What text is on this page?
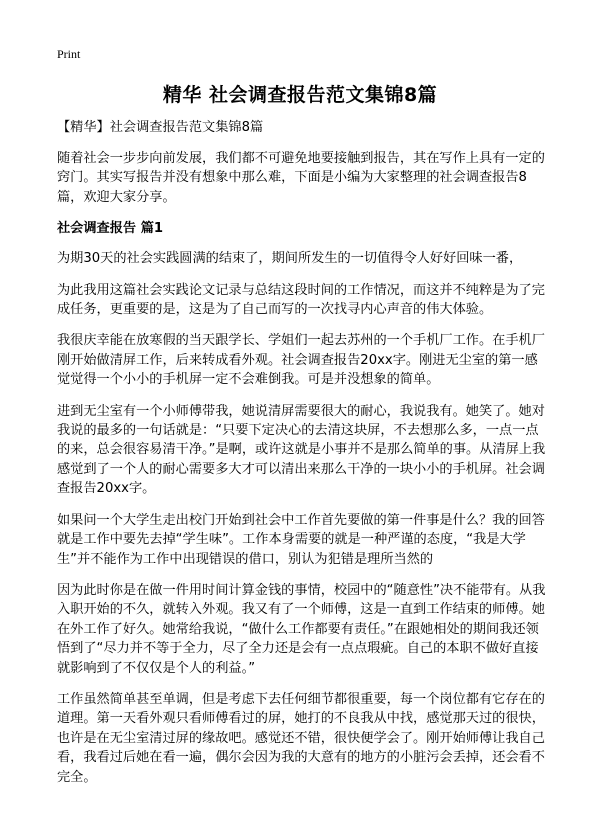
Print
精华 社会调查报告范文集锦8篇

【精华】社会调查报告范文集锦8篇

随着社会一步步向前发展，我们都不可避免地要接触到报告，其在写作上具有一定的窍门。其实写报告并没有想象中那么难，下面是小编为大家整理的社会调查报告8篇，欢迎大家分享。

社会调查报告 篇1

为期30天的社会实践圆满的结束了，期间所发生的一切值得令人好好回味一番，

为此我用这篇社会实践论文记录与总结这段时间的工作情况，而这并不纯粹是为了完成任务，更重要的是，这是为了自己而写的一次找寻内心声音的伟大体验。

我很庆幸能在放寒假的当天跟学长、学姐们一起去苏州的一个手机厂工作。在手机厂刚开始做清屏工作，后来转成看外观。社会调查报告20xx字。刚进无尘室的第一感觉觉得一个小小的手机屏一定不会难倒我。可是并没想象的简单。

进到无尘室有一个小师傅带我，她说清屏需要很大的耐心，我说我有。她笑了。她对我说的最多的一句话就是：“只要下定决心的去清这块屏，不去想那么多，一点一点的来，总会很容易清干净。”是啊，或许这就是小事并不是那么简单的事。从清屏上我感觉到了一个人的耐心需要多大才可以清出来那么干净的一块小小的手机屏。社会调查报告20xx字。

如果问一个大学生走出校门开始到社会中工作首先要做的第一件事是什么？我的回答就是工作中要先去掉“学生味”。工作本身需要的就是一种严谨的态度，“我是大学生”并不能作为工作中出现错误的借口，别认为犯错是理所当然的

因为此时你是在做一件用时间计算金钱的事情，校园中的“随意性”决不能带有。从我入职开始的不久，就转入外观。我又有了一个师傅，这是一直到工作结束的师傅。她在外工作了好久。她常给我说，“做什么工作都要有责任。”在跟她相处的期间我还领悟到了“尽力并不等于全力，尽了全力还是会有一点点瑕疵。自己的本职不做好直接就影响到了不仅仅是个人的利益。”

工作虽然简单甚至单调，但是考虑下去任何细节都很重要，每一个岗位都有它存在的道理。第一天看外观只看师傅看过的屏，她打的不良我从中找，感觉那天过的很快，也许是在无尘室清过屏的缘故吧。感觉还不错，很快便学会了。刚开始师傅让我自己看，我看过后她在看一遍，偶尔会因为我的大意有的地方的小脏污会丢掉，还会看不完全。
